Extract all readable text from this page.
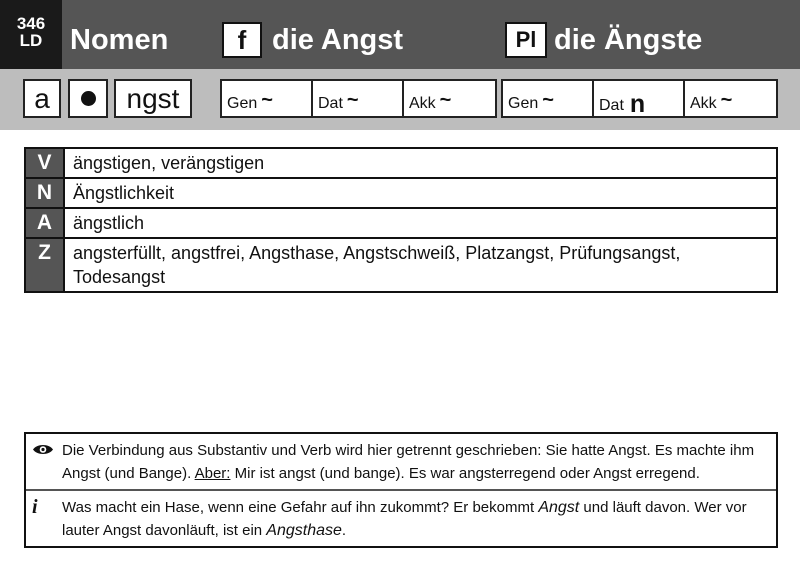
346
LD Nomen	f die Angst	Pl die Ängste
a	ngst	Gen ~	Dat ~	Akk ~	Gen ~	Dat n	Akk ~
V	ängstigen, verängstigen
N	Ängstlichkeit
A	ängstlich
Z	angsterfüllt, angstfrei, Angsthase, Angstschweiß, Platzangst, Prüfungsangst, Todesangst
Die Verbindung aus Substantiv und Verb wird hier getrennt geschrieben: Sie hatte Angst. Es machte ihm Angst (und Bange). Aber: Mir ist angst (und bange). Es war angsterregend oder Angst erregend.
i	Was macht ein Hase, wenn eine Gefahr auf ihn zukommt? Er bekommt Angst und läuft davon. Wer vor lauter Angst davonläuft, ist ein Angsthase.
